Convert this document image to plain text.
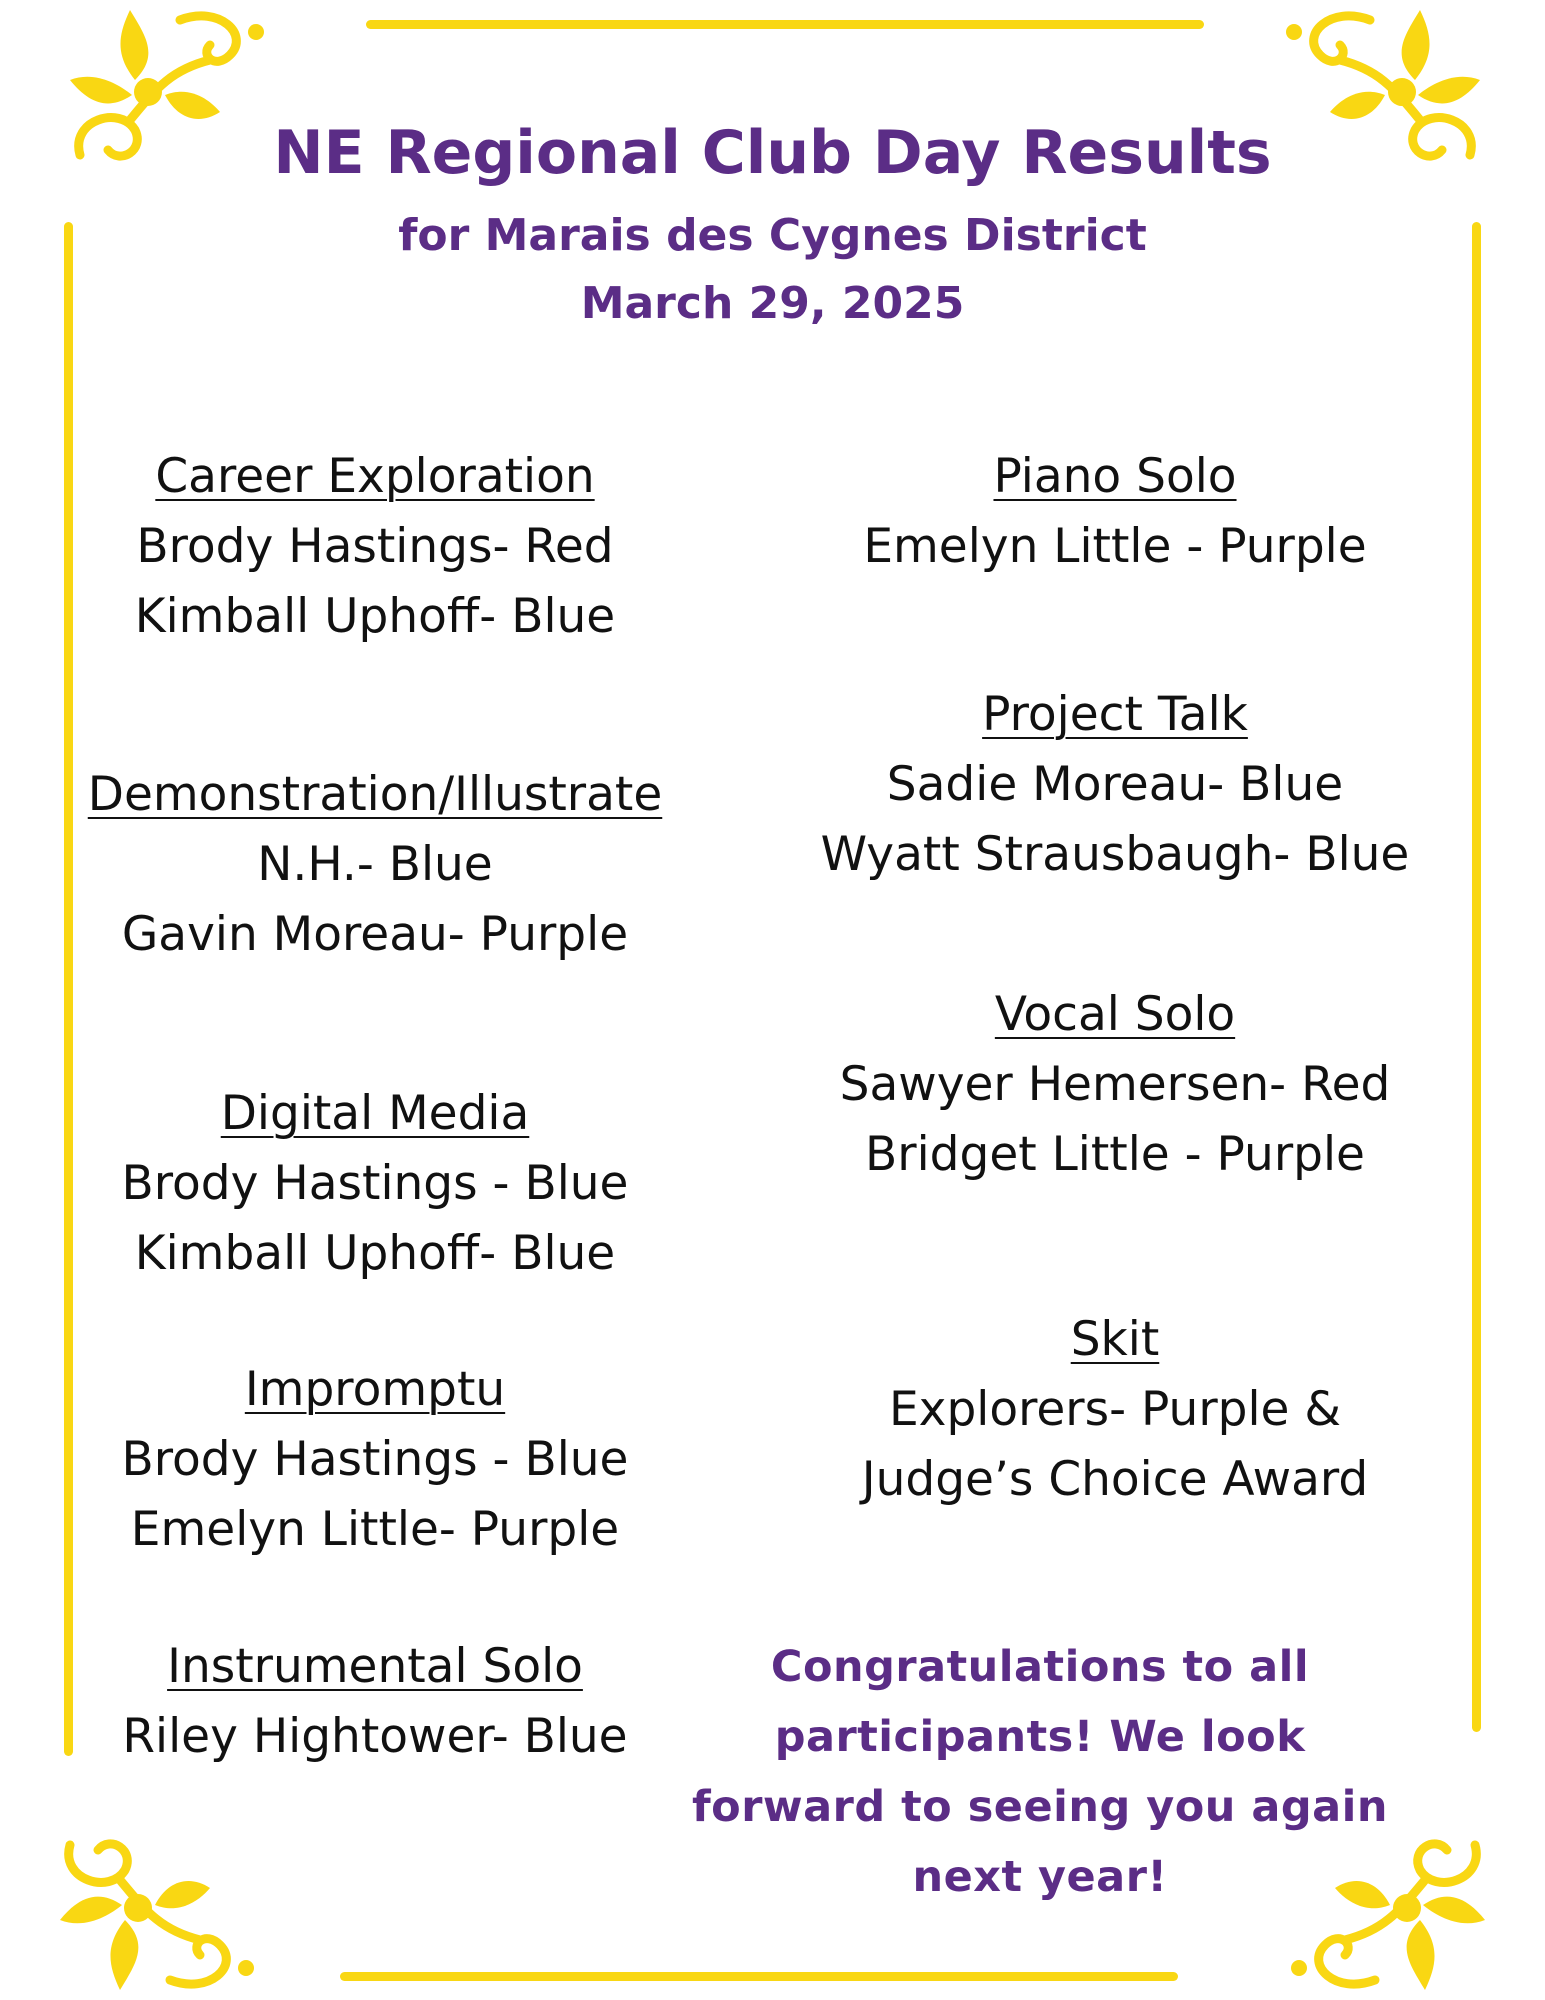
NE Regional Club Day Results
for Marais des Cygnes District
March 29, 2025
Career Exploration
Brody Hastings- Red
Kimball Uphoff- Blue
Demonstration/Illustrate
N.H.- Blue
Gavin Moreau- Purple
Digital Media
Brody Hastings - Blue
Kimball Uphoff- Blue
Impromptu
Brody Hastings - Blue
Emelyn Little- Purple
Instrumental Solo
Riley Hightower- Blue
Piano Solo
Emelyn Little - Purple
Project Talk
Sadie Moreau- Blue
Wyatt Strausbaugh- Blue
Vocal Solo
Sawyer Hemersen- Red
Bridget Little - Purple
Skit
Explorers- Purple &
Judge’s Choice Award
Congratulations to all
participants! We look
forward to seeing you again
next year!
